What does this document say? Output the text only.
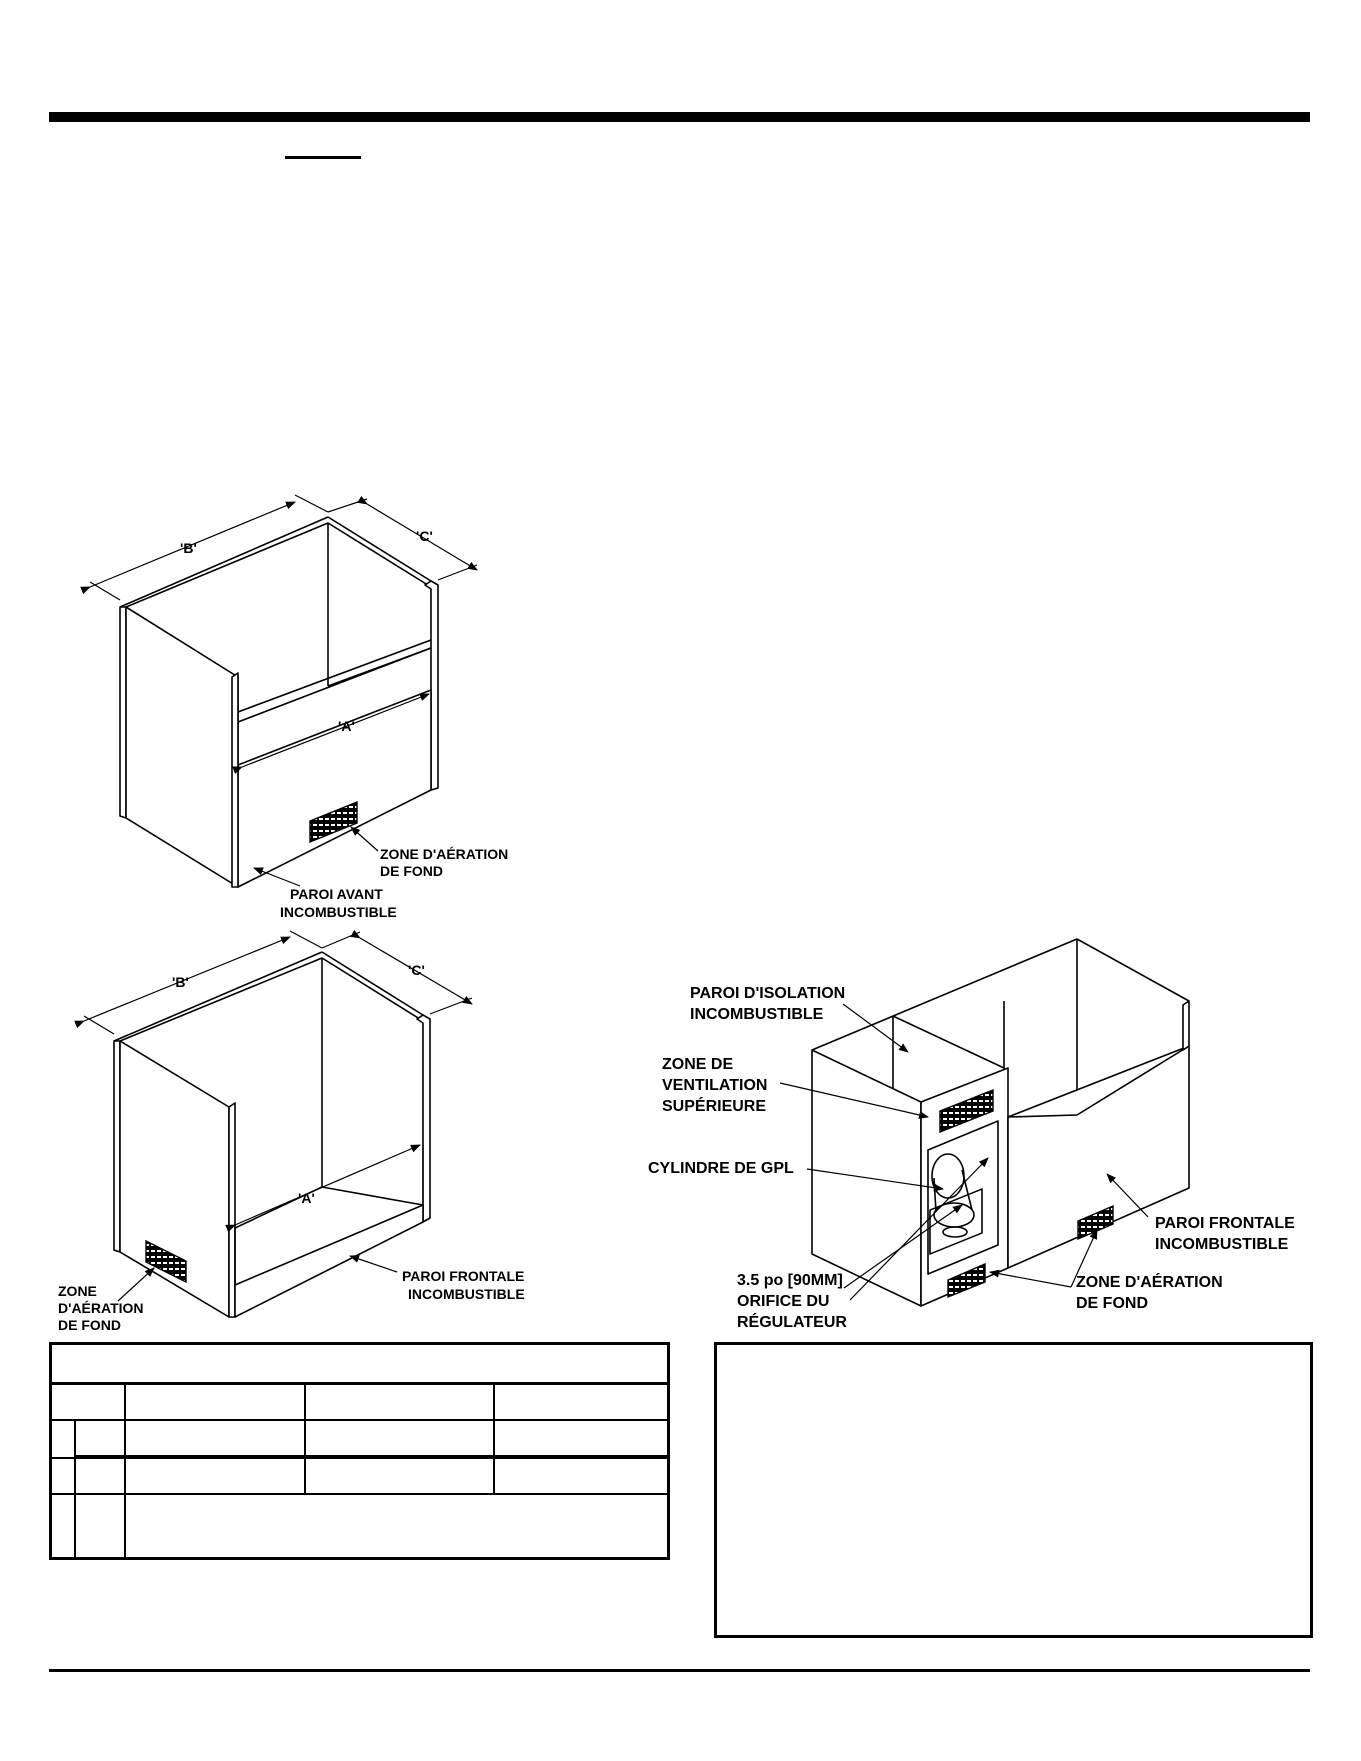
'B'
'C'
'A'
ZONE D'AÉRATION
DE FOND
PAROI AVANT
INCOMBUSTIBLE
'B'
'C'
'A'
ZONE
D'AÉRATION
DE FOND
PAROI FRONTALE
INCOMBUSTIBLE
PAROI D'ISOLATION
INCOMBUSTIBLE
ZONE DE
VENTILATION
SUPÉRIEURE
CYLINDRE DE GPL
3.5 po [90MM]
ORIFICE DU
RÉGULATEUR
PAROI FRONTALE
INCOMBUSTIBLE
ZONE D'AÉRATION
DE FOND
